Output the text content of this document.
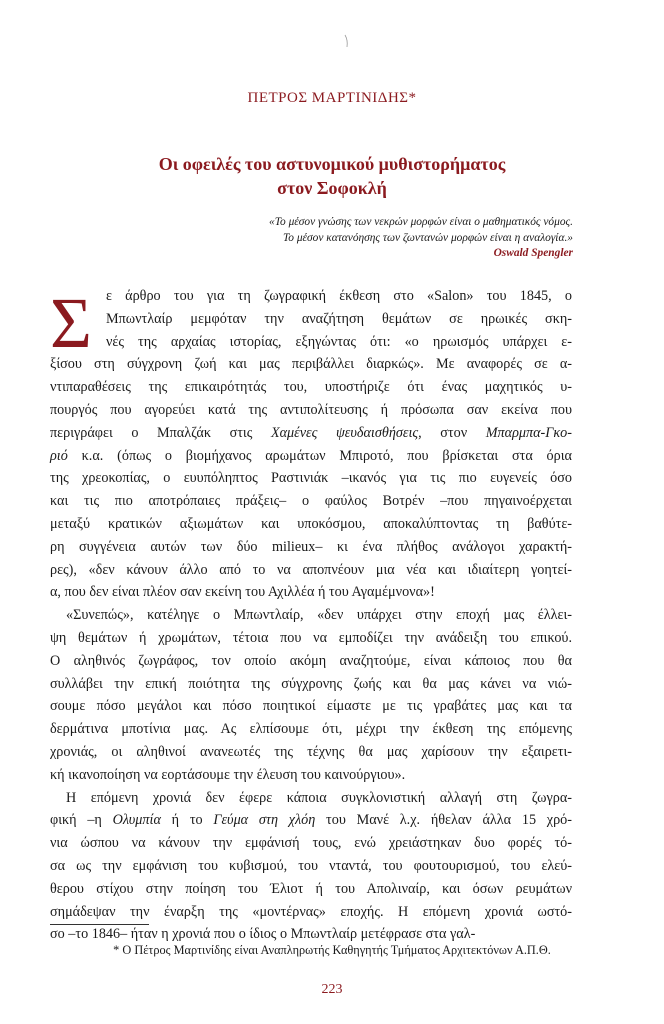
ΠΕΤΡΟΣ ΜΑΡΤΙΝΙΔΗΣ*
Οι οφειλές του αστυνομικού μυθιστορήματος
στον Σοφοκλή
«Το μέσον γνώσης των νεκρών μορφών είναι ο μαθηματικός νόμος.
Το μέσον κατανόησης των ζωντανών μορφών είναι η αναλογία.»
Oswald Spengler
Σ ε άρθρο του για τη ζωγραφική έκθεση στο «Salon» του 1845, ο

Μπωντλαίρ μεμφόταν την αναζήτηση θεμάτων σε ηρωικές σκη-

νές της αρχαίας ιστορίας, εξηγώντας ότι: «ο ηρωισμός υπάρχει ε-

ξίσου στη σύγχρονη ζωή και μας περιβάλλει διαρκώς». Με αναφορές σε α-

ντιπαραθέσεις της επικαιρότητάς του, υποστήριζε ότι ένας μαχητικός υ-

πουργός που αγορεύει κατά της αντιπολίτευσης ή πρόσωπα σαν εκείνα που

περιγράφει ο Μπαλζάκ στις Χαμένες ψευδαισθήσεις, στον Μπαρμπα-Γκο-

ριό κ.α. (όπως ο βιομήχανος αρωμάτων Μπιροτό, που βρίσκεται στα όρια

της χρεοκοπίας, ο ευυπόληπτος Ραστινιάκ –ικανός για τις πιο ευγενείς όσο

και τις πιο αποτρόπαιες πράξεις– ο φαύλος Βοτρέν –που πηγαινοέρχεται

μεταξύ κρατικών αξιωμάτων και υποκόσμου, αποκαλύπτοντας τη βαθύτε-

ρη συγγένεια αυτών των δύο milieux– κι ένα πλήθος ανάλογοι χαρακτή-

ρες), «δεν κάνουν άλλο από το να αποπνέουν μια νέα και ιδιαίτερη γοητεί-

α, που δεν είναι πλέον σαν εκείνη του Αχιλλέα ή του Αγαμέμνονα»!

«Συνεπώς», κατέληγε ο Μπωντλαίρ, «δεν υπάρχει στην εποχή μας έλλει-

ψη θεμάτων ή χρωμάτων, τέτοια που να εμποδίζει την ανάδειξη του επικού.

Ο αληθινός ζωγράφος, τον οποίο ακόμη αναζητούμε, είναι κάποιος που θα

συλλάβει την επική ποιότητα της σύγχρονης ζωής και θα μας κάνει να νιώ-

σουμε πόσο μεγάλοι και πόσο ποιητικοί είμαστε με τις γραβάτες μας και τα

δερμάτινα μποτίνια μας. Ας ελπίσουμε ότι, μέχρι την έκθεση της επόμενης

χρονιάς, οι αληθινοί ανανεωτές της τέχνης θα μας χαρίσουν την εξαιρετι-

κή ικανοποίηση να εορτάσουμε την έλευση του καινούργιου».

Η επόμενη χρονιά δεν έφερε κάποια συγκλονιστική αλλαγή στη ζωγρα-

φική –η Ολυμπία ή το Γεύμα στη χλόη του Μανέ λ.χ. ήθελαν άλλα 15 χρό-

νια ώσπου να κάνουν την εμφάνισή τους, ενώ χρειάστηκαν δυο φορές τό-

σα ως την εμφάνιση του κυβισμού, του νταντά, του φουτουρισμού, του ελεύ-

θερου στίχου στην ποίηση του Έλιοτ ή του Απολιναίρ, και όσων ρευμάτων

σημάδεψαν την έναρξη της «μοντέρνας» εποχής. Η επόμενη χρονιά ωστό-

σο –το 1846– ήταν η χρονιά που ο ίδιος ο Μπωντλαίρ μετέφρασε στα γαλ-

* Ο Πέτρος Μαρτινίδης είναι Αναπληρωτής Καθηγητής Τμήματος Αρχιτεκτόνων Α.Π.Θ.
223
